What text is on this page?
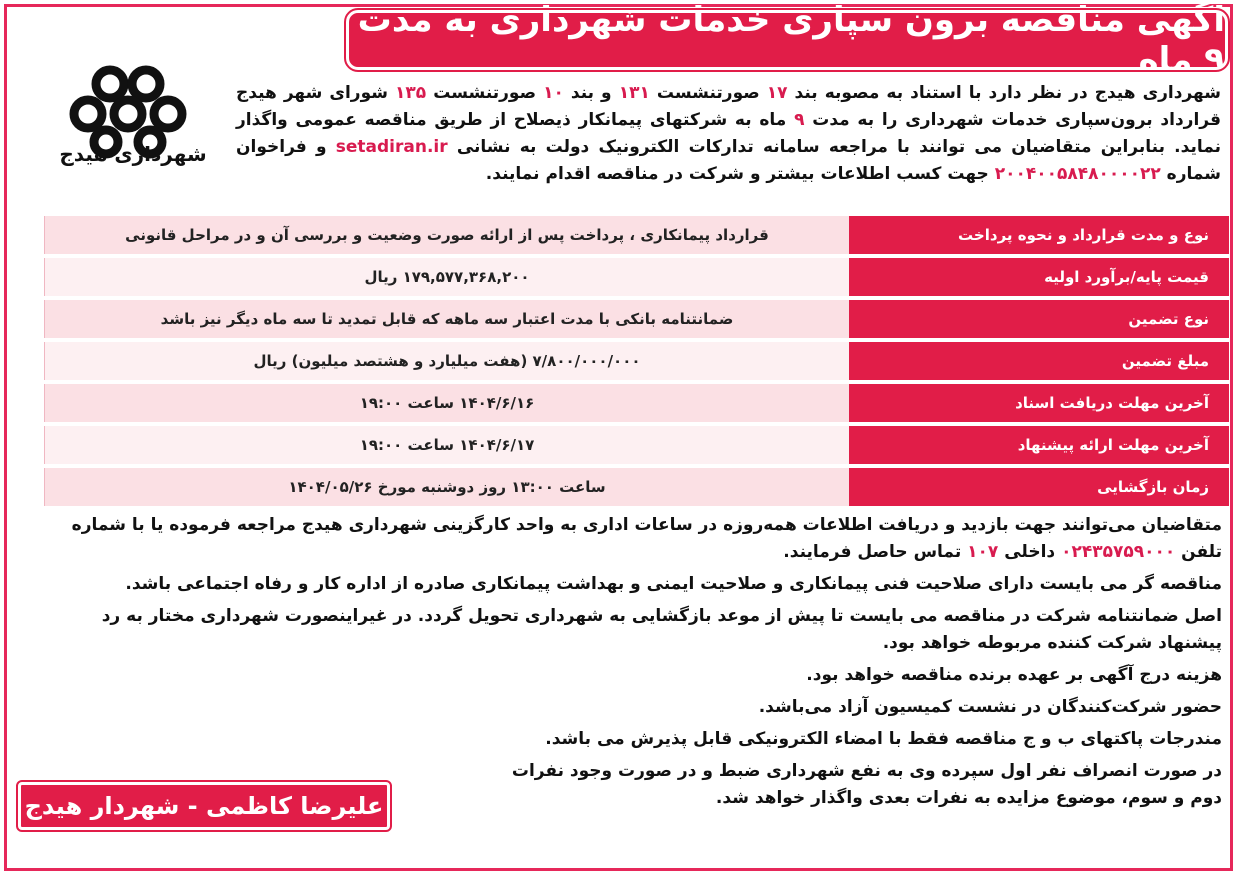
آگهی مناقصه برون سپاری خدمات شهرداری به مدت ۹ ماه
شهرداری هیدج
شهرداری هیدج در نظر دارد با استناد به مصوبه بند ۱۷ صورتنشست ۱۳۱ و بند ۱۰ صورتنشست ۱۳۵ شورای شهر هیدج قرارداد برون‌سپاری خدمات شهرداری را به مدت ۹ ماه به شرکتهای پیمانکار ذیصلاح از طریق مناقصه عمومی واگذار نماید. بنابراین متقاضیان می توانند با مراجعه سامانه تدارکات الکترونیک دولت به نشانی setadiran.ir و فراخوان شماره ۲۰۰۴۰۰۵۸۴۸۰۰۰۰۲۲ جهت کسب اطلاعات بیشتر و شرکت در مناقصه اقدام نمایند.
نوع و مدت قرارداد و نحوه پرداخت	قرارداد پیمانکاری ، پرداخت پس از ارائه صورت وضعیت و بررسی آن و در مراحل قانونی
قیمت پایه/برآورد اولیه	۱۷۹,۵۷۷,۳۶۸,۲۰۰ ریال
نوع تضمین	ضمانتنامه بانکی با مدت اعتبار سه ماهه که قابل تمدید تا سه ماه دیگر نیز باشد
مبلغ تضمین	۷/۸۰۰/۰۰۰/۰۰۰ (هفت میلیارد و هشتصد میلیون) ریال
آخرین مهلت دریافت اسناد	۱۴۰۴/۶/۱۶ ساعت ۱۹:۰۰
آخرین مهلت ارائه پیشنهاد	۱۴۰۴/۶/۱۷ ساعت ۱۹:۰۰
زمان بازگشایی	ساعت ۱۳:۰۰ روز دوشنبه مورخ ۱۴۰۴/۰۵/۲۶

متقاضیان می‌توانند جهت بازدید و دریافت اطلاعات همه‌روزه در ساعات اداری به واحد کارگزینی شهرداری هیدج مراجعه فرموده یا با شماره تلفن ۰۲۴۳۵۷۵۹۰۰۰ داخلی ۱۰۷ تماس حاصل فرمایند.

مناقصه گر می بایست دارای صلاحیت فنی پیمانکاری و صلاحیت ایمنی و بهداشت پیمانکاری صادره از اداره کار و رفاه اجتماعی باشد.

اصل ضمانتنامه شرکت در مناقصه می بایست تا پیش از موعد بازگشایی به شهرداری تحویل گردد. در غیراینصورت شهرداری مختار به رد پیشنهاد شرکت کننده مربوطه خواهد بود.

هزینه درج آگهی بر عهده برنده مناقصه خواهد بود.

حضور شرکت‌کنندگان در نشست کمیسیون آزاد می‌باشد.

مندرجات پاکتهای ب و ج مناقصه فقط با امضاء الکترونیکی قابل پذیرش می باشد.

در صورت انصراف نفر اول سپرده وی به نفع شهرداری ضبط و در صورت وجود نفرات دوم و سوم، موضوع مزایده به نفرات بعدی واگذار خواهد شد.

علیرضا کاظمی - شهردار هیدج
